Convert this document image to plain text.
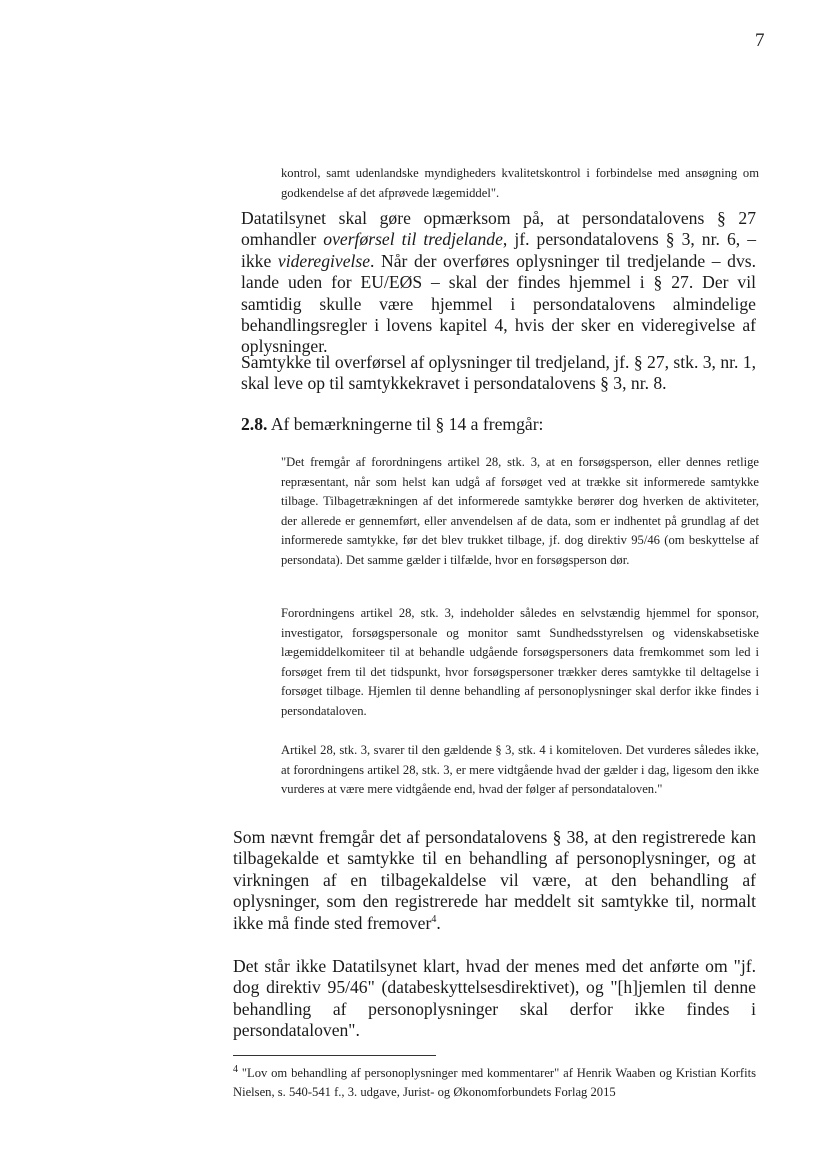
7
kontrol, samt udenlandske myndigheders kvalitetskontrol i forbindelse med ansøgning om godkendelse af det afprøvede lægemiddel".
Datatilsynet skal gøre opmærksom på, at persondatalovens § 27 omhandler overførsel til tredjelande, jf. persondatalovens § 3, nr. 6, – ikke videregivelse. Når der overføres oplysninger til tredjelande – dvs. lande uden for EU/EØS – skal der findes hjemmel i § 27. Der vil samtidig skulle være hjemmel i persondatalovens almindelige behandlingsregler i lovens kapitel 4, hvis der sker en videregivelse af oplysninger.
Samtykke til overførsel af oplysninger til tredjeland, jf. § 27, stk. 3, nr. 1, skal leve op til samtykkekravet i persondatalovens § 3, nr. 8.
2.8. Af bemærkningerne til § 14 a fremgår:
"Det fremgår af forordningens artikel 28, stk. 3, at en forsøgsperson, eller dennes retlige repræsentant, når som helst kan udgå af forsøget ved at trække sit informerede samtykke tilbage. Tilbagetrækningen af det informerede samtykke berører dog hverken de aktiviteter, der allerede er gennemført, eller anvendelsen af de data, som er indhentet på grundlag af det informerede samtykke, før det blev trukket tilbage, jf. dog direktiv 95/46 (om beskyttelse af persondata). Det samme gælder i tilfælde, hvor en forsøgsperson dør.
Forordningens artikel 28, stk. 3, indeholder således en selvstændig hjemmel for sponsor, investigator, forsøgspersonale og monitor samt Sundhedsstyrelsen og videnskabsetiske lægemiddelkomiteer til at behandle udgående forsøgspersoners data fremkommet som led i forsøget frem til det tidspunkt, hvor forsøgspersoner trækker deres samtykke til deltagelse i forsøget tilbage. Hjemlen til denne behandling af personoplysninger skal derfor ikke findes i persondataloven.
Artikel 28, stk. 3, svarer til den gældende § 3, stk. 4 i komiteloven. Det vurderes således ikke, at forordningens artikel 28, stk. 3, er mere vidtgående hvad der gælder i dag, ligesom den ikke vurderes at være mere vidtgående end, hvad der følger af persondataloven."
Som nævnt fremgår det af persondatalovens § 38, at den registrerede kan tilbagekalde et samtykke til en behandling af personoplysninger, og at virkningen af en tilbagekaldelse vil være, at den behandling af oplysninger, som den registrerede har meddelt sit samtykke til, normalt ikke må finde sted fremover$^4$.
Det står ikke Datatilsynet klart, hvad der menes med det anførte om "jf. dog direktiv 95/46" (databeskyttelsesdirektivet), og "[h]jemlen til denne behandling af personoplysninger skal derfor ikke findes i persondataloven".
$^4$ "Lov om behandling af personoplysninger med kommentarer" af Henrik Waaben og Kristian Korfits Nielsen, s. 540-541 f., 3. udgave, Jurist- og Økonomforbundets Forlag 2015
